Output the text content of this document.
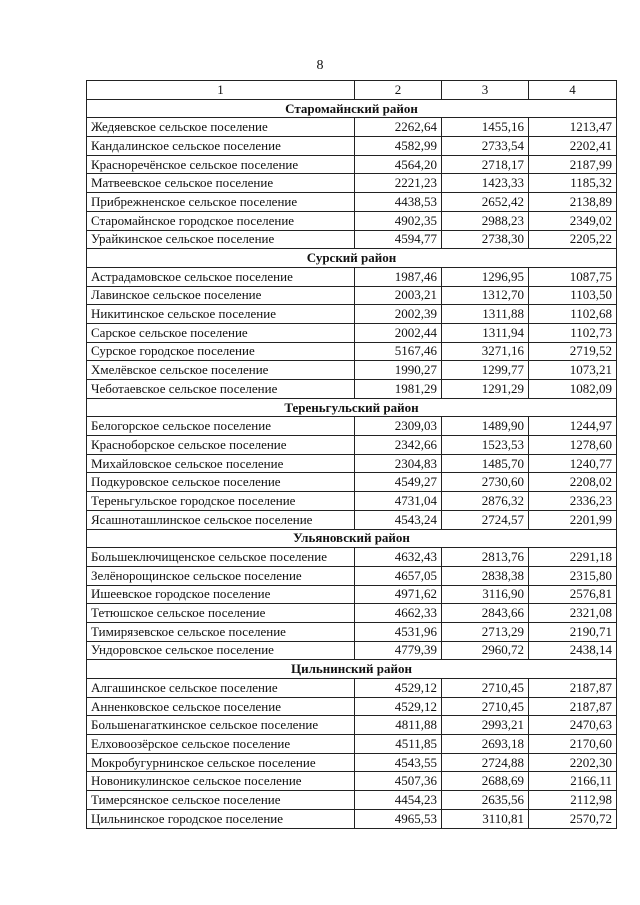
8
1	2	3	4
Старомайнский район			
Жедяевское сельское поселение	2262,64	1455,16	1213,47
Кандалинское сельское поселение	4582,99	2733,54	2202,41
Красноречёнское сельское поселение	4564,20	2718,17	2187,99
Матвеевское сельское поселение	2221,23	1423,33	1185,32
Прибрежненское сельское поселение	4438,53	2652,42	2138,89
Старомайнское городское поселение	4902,35	2988,23	2349,02
Урайкинское сельское поселение	4594,77	2738,30	2205,22
Сурский район			
Астрадамовское сельское поселение	1987,46	1296,95	1087,75
Лавинское сельское поселение	2003,21	1312,70	1103,50
Никитинское сельское поселение	2002,39	1311,88	1102,68
Сарское сельское поселение	2002,44	1311,94	1102,73
Сурское городское поселение	5167,46	3271,16	2719,52
Хмелёвское сельское поселение	1990,27	1299,77	1073,21
Чеботаевское сельское поселение	1981,29	1291,29	1082,09
Тереньгульский район			
Белогорское сельское поселение	2309,03	1489,90	1244,97
Красноборское сельское поселение	2342,66	1523,53	1278,60
Михайловское сельское поселение	2304,83	1485,70	1240,77
Подкуровское сельское поселение	4549,27	2730,60	2208,02
Тереньгульское городское поселение	4731,04	2876,32	2336,23
Ясашноташлинское сельское поселение	4543,24	2724,57	2201,99
Ульяновский район			
Большеключищенское сельское поселение	4632,43	2813,76	2291,18
Зелёнорощинское сельское поселение	4657,05	2838,38	2315,80
Ишеевское городское поселение	4971,62	3116,90	2576,81
Тетюшское сельское поселение	4662,33	2843,66	2321,08
Тимирязевское сельское поселение	4531,96	2713,29	2190,71
Ундоровское сельское поселение	4779,39	2960,72	2438,14
Цильнинский район			
Алгашинское сельское поселение	4529,12	2710,45	2187,87
Анненковское сельское поселение	4529,12	2710,45	2187,87
Большенагаткинское сельское поселение	4811,88	2993,21	2470,63
Елховоозёрское сельское поселение	4511,85	2693,18	2170,60
Мокробугурнинское сельское поселение	4543,55	2724,88	2202,30
Новоникулинское сельское поселение	4507,36	2688,69	2166,11
Тимерсянское сельское поселение	4454,23	2635,56	2112,98
Цильнинское городское поселение	4965,53	3110,81	2570,72
